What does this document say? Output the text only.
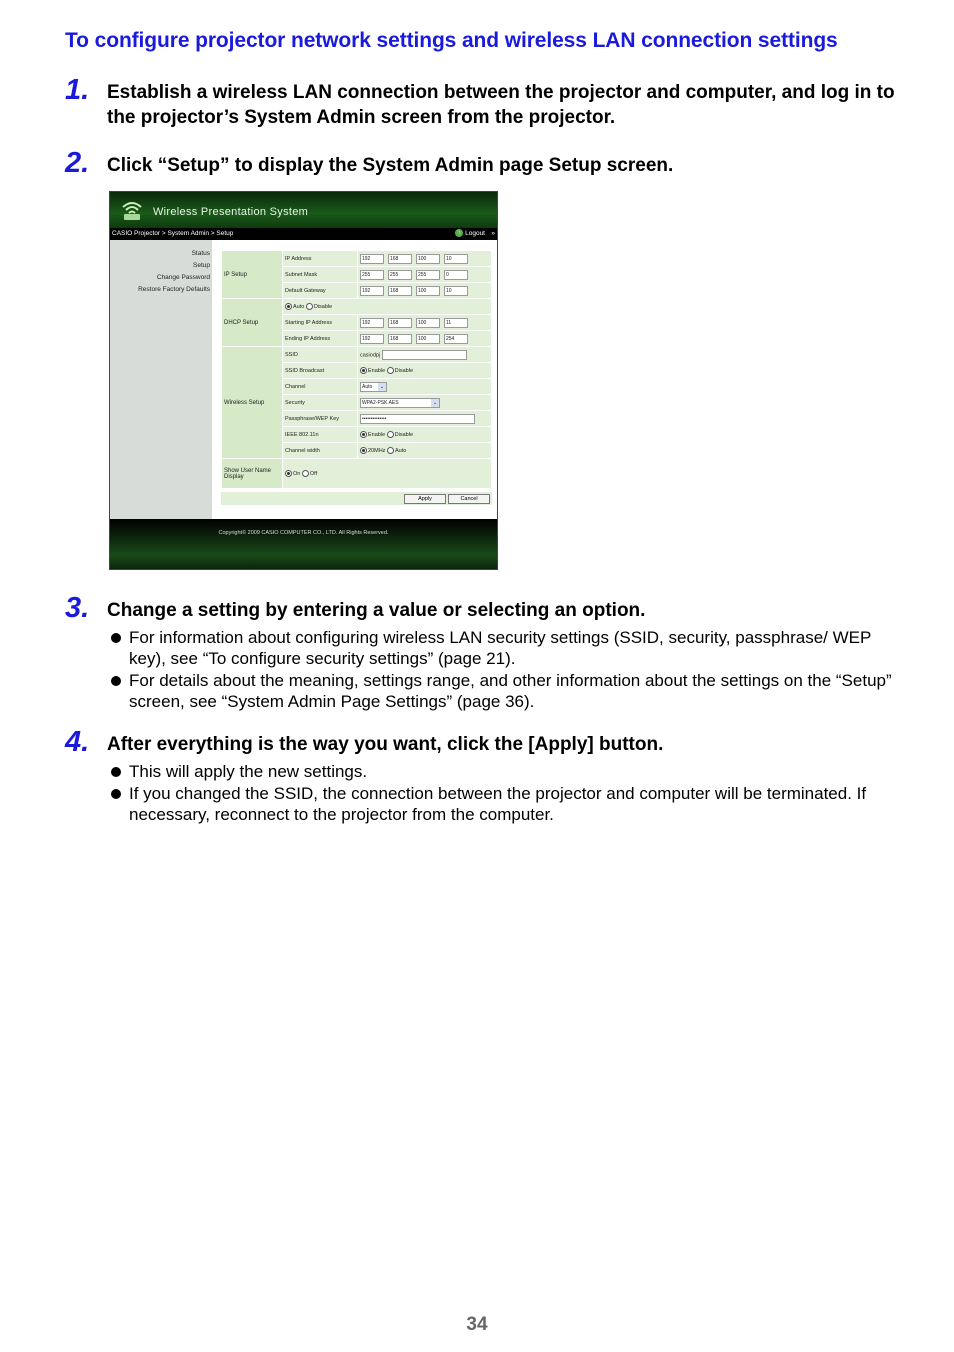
To configure projector network settings and wireless LAN connection settings
1. Establish a wireless LAN connection between the projector and computer, and log in to the projector’s System Admin screen from the projector.
2. Click “Setup” to display the System Admin page Setup screen.
Wireless Presentation System
CASIO Projector > System Admin > Setup	↑ Logout »
Status
Setup
Change Password
Restore Factory Defaults
IP Setup	IP Address	192 168 100 10
	Subnet Mask	255 255 255 0
	Default Gateway	192 168 100 10
DHCP Setup	Auto Disable	
	Starting IP Address	192 168 100 11
	Ending IP Address	192 168 100 254
Wireless Setup	SSID	casiodpj
	SSID Broadcast	Enable Disable
	Channel	Auto ⌄

	Security	WPA2-PSK AES ⌄

	Passphrase/WEP Key	••••••••••••••
	IEEE 802.11n	Enable Disable
	Channel width	20MHz Auto
Show User Name Display	On Off	
Apply	Cancel
Copyright© 2009 CASIO COMPUTER CO., LTD. All Rights Reserved.
3. Change a setting by entering a value or selecting an option.
For information about configuring wireless LAN security settings (SSID, security, passphrase/ WEP key), see “To configure security settings” (page 21).
For details about the meaning, settings range, and other information about the settings on the “Setup” screen, see “System Admin Page Settings” (page 36).
4. After everything is the way you want, click the [Apply] button.
This will apply the new settings.
If you changed the SSID, the connection between the projector and computer will be terminated. If necessary, reconnect to the projector from the computer.
34
